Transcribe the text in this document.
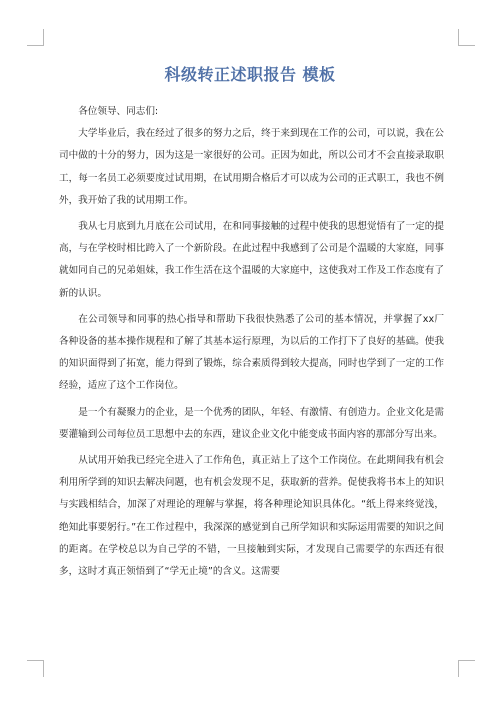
科级转正述职报告 模板

各位领导、同志们:

大学毕业后，我在经过了很多的努力之后，终于来到现在工作的公司，可以说，我在公司中做的十分的努力，因为这是一家很好的公司。正因为如此，所以公司才不会直接录取职工，每一名员工必须要度过试用期，在试用期合格后才可以成为公司的正式职工，我也不例外，我开始了我的试用期工作。

我从七月底到九月底在公司试用，在和同事接触的过程中使我的思想觉悟有了一定的提高，与在学校时相比跨入了一个新阶段。在此过程中我感到了公司是个温暖的大家庭，同事就如同自己的兄弟姐妹，我工作生活在这个温暖的大家庭中，这使我对工作及工作态度有了新的认识。

在公司领导和同事的热心指导和帮助下我很快熟悉了公司的基本情况，并掌握了xx厂各种设备的基本操作规程和了解了其基本运行原理，为以后的工作打下了良好的基础。使我的知识面得到了拓宽，能力得到了锻炼，综合素质得到较大提高，同时也学到了一定的工作经验，适应了这个工作岗位。

是一个有凝聚力的企业，是一个优秀的团队，年轻、有激情、有创造力。企业文化是需要灌输到公司每位员工思想中去的东西，建议企业文化中能变成书面内容的那部分写出来。

从试用开始我已经完全进入了工作角色，真正站上了这个工作岗位。在此期间我有机会利用所学到的知识去解决问题，也有机会发现不足，获取新的营养。促使我将书本上的知识与实践相结合，加深了对理论的理解与掌握，将各种理论知识具体化。“纸上得来终觉浅，绝知此事要躬行。”在工作过程中，我深深的感觉到自己所学知识和实际运用需要的知识之间的距离。在学校总以为自己学的不错，一旦接触到实际，才发现自己需要学的东西还有很多，这时才真正领悟到了“学无止境”的含义。这需要
